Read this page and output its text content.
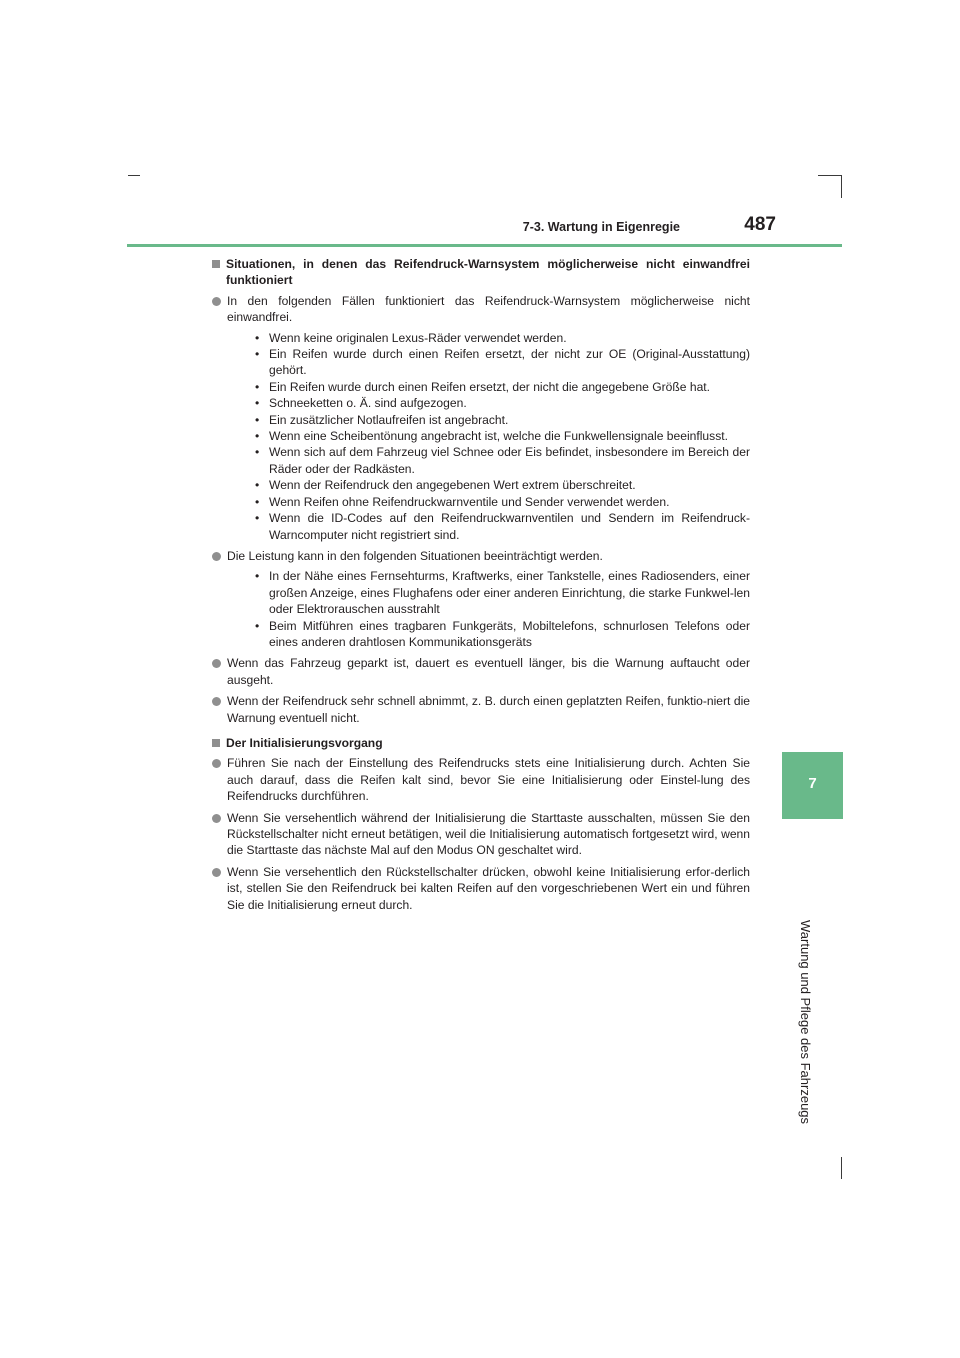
7-3. Wartung in Eigenregie	487
7
Wartung und Pflege des Fahrzeugs
Situationen, in denen das Reifendruck-Warnsystem möglicherweise nicht einwandfrei funktioniert
In den folgenden Fällen funktioniert das Reifendruck-Warnsystem möglicherweise nicht einwandfrei.
• Wenn keine originalen Lexus-Räder verwendet werden.
• Ein Reifen wurde durch einen Reifen ersetzt, der nicht zur OE (Original-Ausstattung) gehört.
• Ein Reifen wurde durch einen Reifen ersetzt, der nicht die angegebene Größe hat.
• Schneeketten o. Ä. sind aufgezogen.
• Ein zusätzlicher Notlaufreifen ist angebracht.
• Wenn eine Scheibentönung angebracht ist, welche die Funkwellensignale beeinflusst.
• Wenn sich auf dem Fahrzeug viel Schnee oder Eis befindet, insbesondere im Bereich der Räder oder der Radkästen.
• Wenn der Reifendruck den angegebenen Wert extrem überschreitet.
• Wenn Reifen ohne Reifendruckwarnventile und Sender verwendet werden.
• Wenn die ID-Codes auf den Reifendruckwarnventilen und Sendern im Reifendruck-Warncomputer nicht registriert sind.
Die Leistung kann in den folgenden Situationen beeinträchtigt werden.
• In der Nähe eines Fernsehturms, Kraftwerks, einer Tankstelle, eines Radiosenders, einer großen Anzeige, eines Flughafens oder einer anderen Einrichtung, die starke Funkwel-len oder Elektrorauschen ausstrahlt
• Beim Mitführen eines tragbaren Funkgeräts, Mobiltelefons, schnurlosen Telefons oder eines anderen drahtlosen Kommunikationsgeräts
Wenn das Fahrzeug geparkt ist, dauert es eventuell länger, bis die Warnung auftaucht oder ausgeht.
Wenn der Reifendruck sehr schnell abnimmt, z. B. durch einen geplatzten Reifen, funktio-niert die Warnung eventuell nicht.
Der Initialisierungsvorgang
Führen Sie nach der Einstellung des Reifendrucks stets eine Initialisierung durch. Achten Sie auch darauf, dass die Reifen kalt sind, bevor Sie eine Initialisierung oder Einstel-lung des Reifendrucks durchführen.
Wenn Sie versehentlich während der Initialisierung die Starttaste ausschalten, müssen Sie den Rückstellschalter nicht erneut betätigen, weil die Initialisierung automatisch fortgesetzt wird, wenn die Starttaste das nächste Mal auf den Modus ON geschaltet wird.
Wenn Sie versehentlich den Rückstellschalter drücken, obwohl keine Initialisierung erfor-derlich ist, stellen Sie den Reifendruck bei kalten Reifen auf den vorgeschriebenen Wert ein und führen Sie die Initialisierung erneut durch.
